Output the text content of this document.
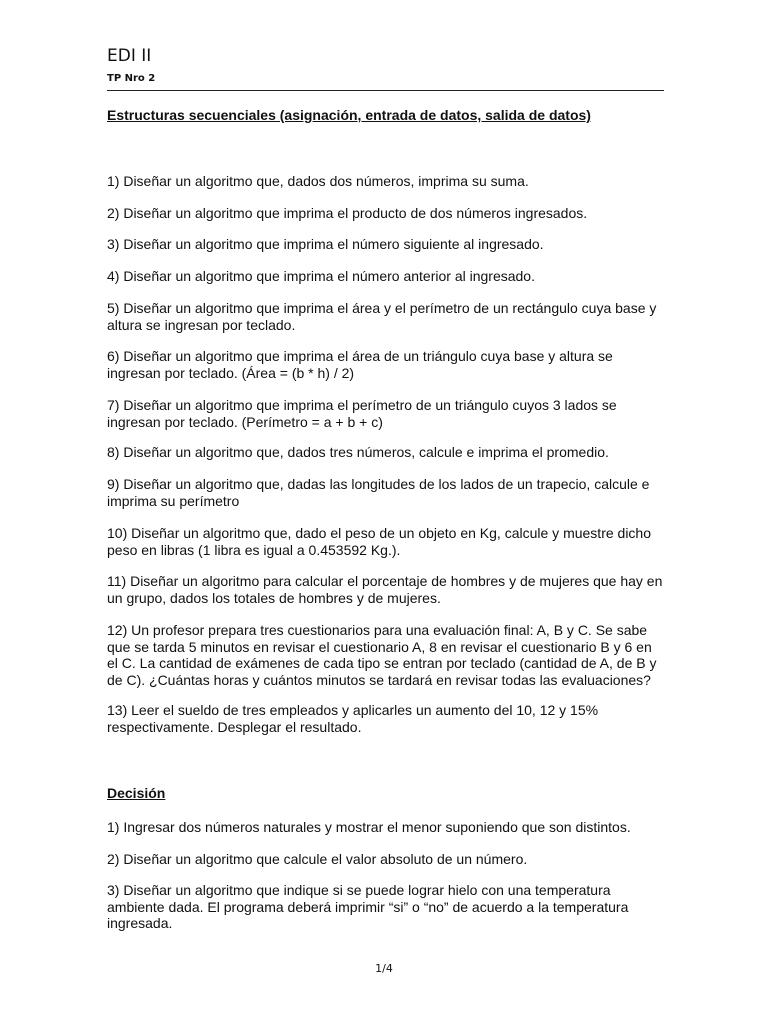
EDI II
TP Nro 2
Estructuras secuenciales (asignación, entrada de datos, salida de datos)

1) Diseñar un algoritmo que, dados dos números, imprima su suma.

2) Diseñar un algoritmo que imprima el producto de dos números ingresados.

3) Diseñar un algoritmo que imprima el número siguiente al ingresado.

4) Diseñar un algoritmo que imprima el número anterior al ingresado.

5) Diseñar un algoritmo que imprima el área y el perímetro de un rectángulo cuya base y altura se ingresan por teclado.

6) Diseñar un algoritmo que imprima el área de un triángulo cuya base y altura se ingresan por teclado. (Área = (b * h) / 2)

7) Diseñar un algoritmo que imprima el perímetro de un triángulo cuyos 3 lados se ingresan por teclado. (Perímetro = a + b + c)

8) Diseñar un algoritmo que, dados tres números, calcule e imprima el promedio.

9) Diseñar un algoritmo que, dadas las longitudes de los lados de un trapecio, calcule e imprima su perímetro

10) Diseñar un algoritmo que, dado el peso de un objeto en Kg, calcule y muestre dicho peso en libras (1 libra es igual a 0.453592 Kg.).

11) Diseñar un algoritmo para calcular el porcentaje de hombres y de mujeres que hay en un grupo, dados los totales de hombres y de mujeres.

12) Un profesor prepara tres cuestionarios para una evaluación final: A, B y C. Se sabe que se tarda 5 minutos en revisar el cuestionario A, 8 en revisar el cuestionario B y 6 en el C. La cantidad de exámenes de cada tipo se entran por teclado (cantidad de A, de B y de C). ¿Cuántas horas y cuántos minutos se tardará en revisar todas las evaluaciones?

13) Leer el sueldo de tres empleados y aplicarles un aumento del 10, 12 y 15% respectivamente. Desplegar el resultado.

Decisión

1) Ingresar dos números naturales y mostrar el menor suponiendo que son distintos.

2) Diseñar un algoritmo que calcule el valor absoluto de un número.

3) Diseñar un algoritmo que indique si se puede lograr hielo con una temperatura ambiente dada. El programa deberá imprimir “si” o “no” de acuerdo a la temperatura ingresada.

1/4
